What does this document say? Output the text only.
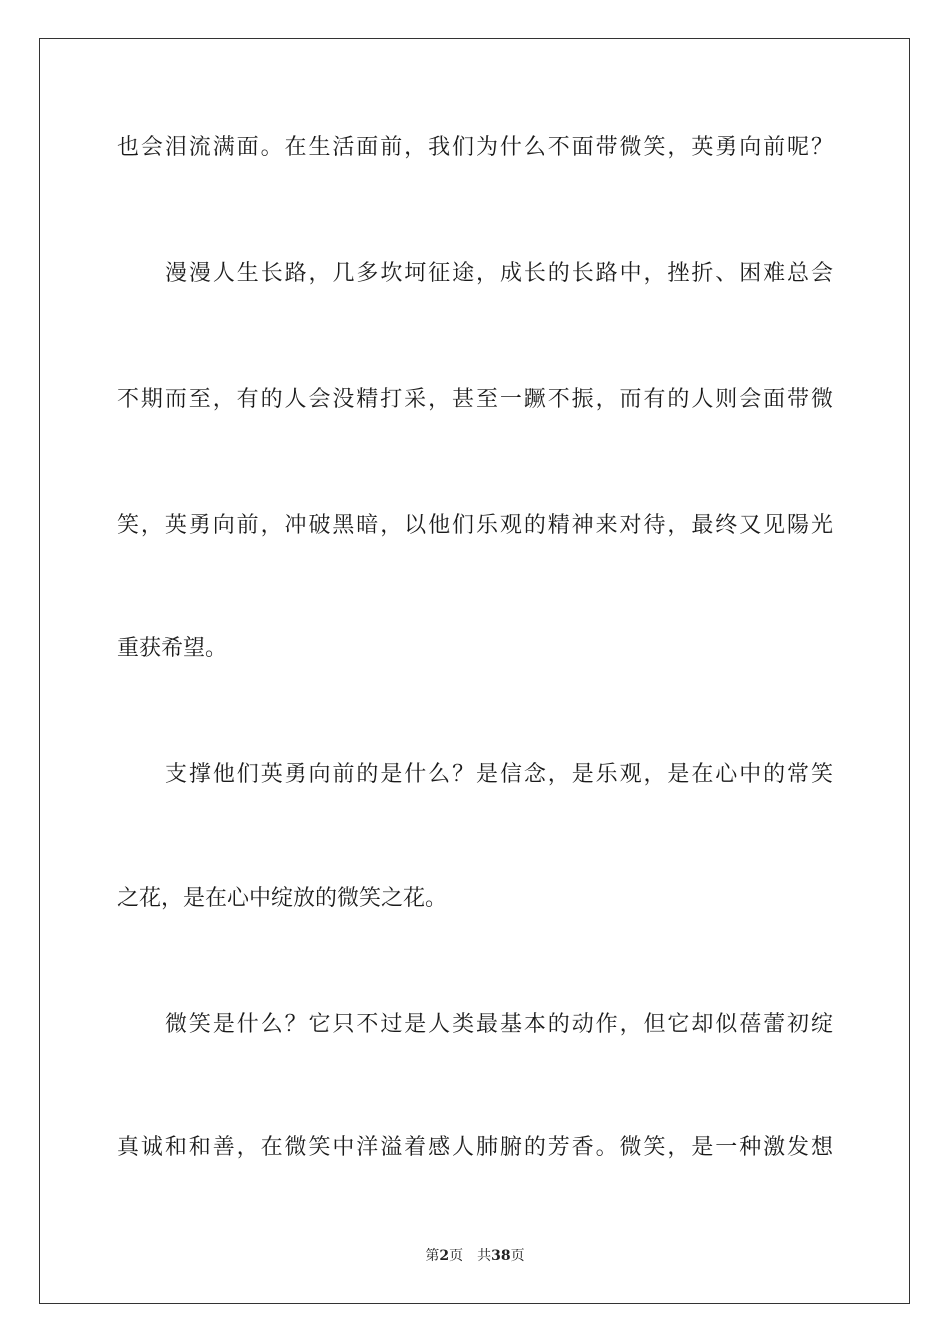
也会泪流满面。在生活面前，我们为什么不面带微笑，英勇向前呢？
漫漫人生长路，几多坎坷征途，成长的长路中，挫折、困难总会
不期而至，有的人会没精打采，甚至一蹶不振，而有的人则会面带微
笑，英勇向前，冲破黑暗，以他们乐观的精神来对待，最终又见陽光
重获希望。
支撑他们英勇向前的是什么？是信念，是乐观，是在心中的常笑
之花，是在心中绽放的微笑之花。
微笑是什么？它只不过是人类最基本的动作，但它却似蓓蕾初绽
真诚和和善，在微笑中洋溢着感人肺腑的芳香。微笑，是一种激发想
第2页 共38页
